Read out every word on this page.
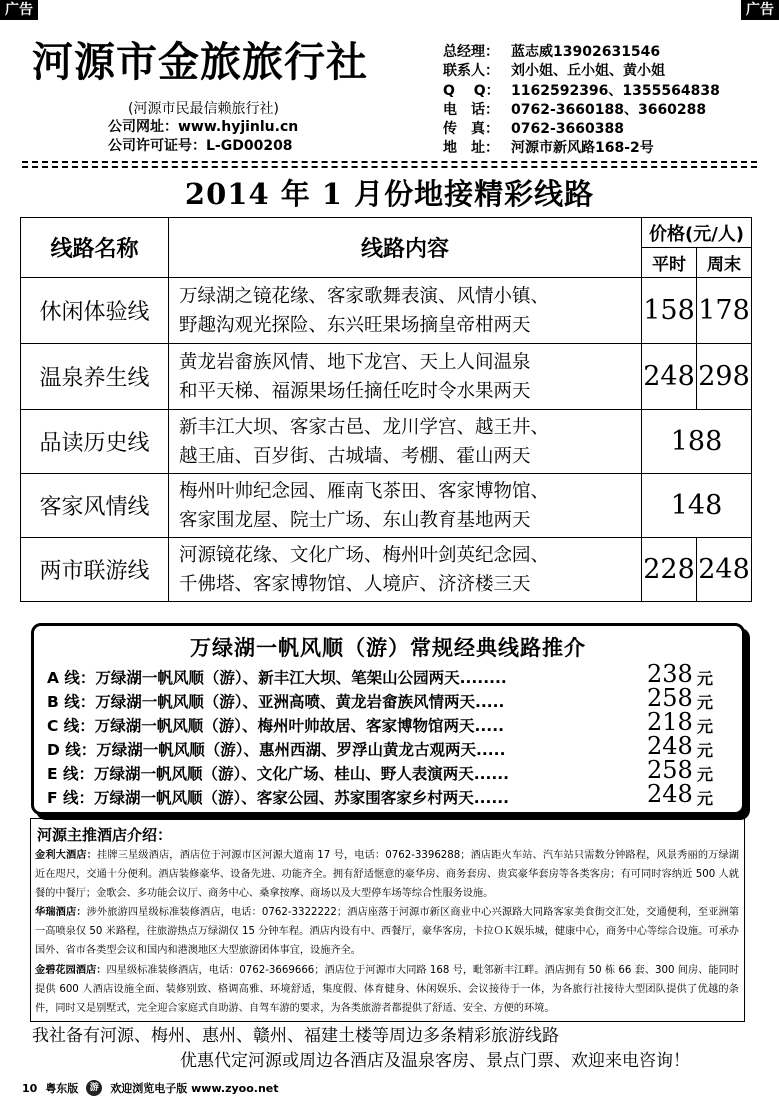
广告	广告
河源市金旅旅行社
(河源市民最信赖旅行社)
公司网址：www.hyjinlu.cn
公司许可证号：L-GD00208
总经理： 蓝志威13902631546
联系人： 刘小姐、丘小姐、黄小姐
Q　 Q： 1162592396、1355564838
电　话： 0762-3660188、3660288
传　真： 0762-3660388
地　址： 河源市新风路168-2号
2014 年 1 月份地接精彩线路
线路名称	线路内容	价格(元/人)	
		平时	周末
休闲体验线	万绿湖之镜花缘、客家歌舞表演、风情小镇、
野趣沟观光探险、东兴旺果场摘皇帝柑两天	158	178
温泉养生线	黄龙岩畲族风情、地下龙宫、天上人间温泉
和平天梯、福源果场任摘任吃时令水果两天	248	298
品读历史线	新丰江大坝、客家古邑、龙川学宫、越王井、
越王庙、百岁街、古城墙、考棚、霍山两天	188	
客家风情线	梅州叶帅纪念园、雁南飞茶田、客家博物馆、
客家围龙屋、院士广场、东山教育基地两天	148	
两市联游线	河源镜花缘、文化广场、梅州叶剑英纪念园、
千佛塔、客家博物馆、人境庐、济济楼三天	228	248
万绿湖一帆风顺（游）常规经典线路推介
A 线：万绿湖一帆风顺（游）、新丰江大坝、笔架山公园两天........	238 元
B 线：万绿湖一帆风顺（游）、亚洲高喷、黄龙岩畲族风情两天.....	258 元
C 线：万绿湖一帆风顺（游）、梅州叶帅故居、客家博物馆两天.....	218 元
D 线：万绿湖一帆风顺（游）、惠州西湖、罗浮山黄龙古观两天.....	248 元
E 线：万绿湖一帆风顺（游）、文化广场、桂山、野人表演两天......	258 元
F 线：万绿湖一帆风顺（游）、客家公园、苏家围客家乡村两天......	248 元
河源主推酒店介绍：
金利大酒店：挂牌三星级酒店，酒店位于河源市区河源大道南 17 号，电话：0762-3396288；酒店距火车站、汽车站只需数分钟路程，风景秀丽的万绿湖近在咫尺，交通十分便利。酒店装修豪华、设备先进、功能齐全。拥有舒适惬意的豪华房、商务套房、贵宾豪华套房等各类客房；有可同时容纳近 500 人就餐的中餐厅；金歌会、多功能会议厅、商务中心、桑拿按摩、商场以及大型停车场等综合性服务设施。
华瑞酒店：涉外旅游四星级标准装修酒店，电话：0762-3322222；酒店座落于河源市新区商业中心兴源路大同路客家美食街交汇处，交通便利，至亚洲第一高喷泉仅 50 米路程，往旅游热点万绿湖仅 15 分钟车程。酒店内设有中、西餐厅，豪华客房，卡拉ＯＫ娱乐城，健康中心，商务中心等综合设施。可承办国外、省市各类型会议和国内和港澳地区大型旅游团体事宜，设施齐全。
金碧花园酒店：四星级标准装修酒店，电话：0762-3669666；酒店位于河源市大同路 168 号，毗邻新丰江畔。酒店拥有 50 栋 66 套、300 间房、能同时提供 600 人酒店设施全面、装修别致、格调高雅、环境舒适，集度假、体育健身、休闲娱乐、会议接待于一体，为各旅行社接待大型团队提供了优越的条件，同时又是别墅式，完全迎合家庭式自助游、自驾车游的要求，为各类旅游者都提供了舒适、安全、方便的环境。
我社备有河源、梅州、惠州、赣州、福建土楼等周边多条精彩旅游线路
优惠代定河源或周边各酒店及温泉客房、景点门票、欢迎来电咨询！
10 粤东版	游	欢迎浏览电子版 www.zyoo.net
